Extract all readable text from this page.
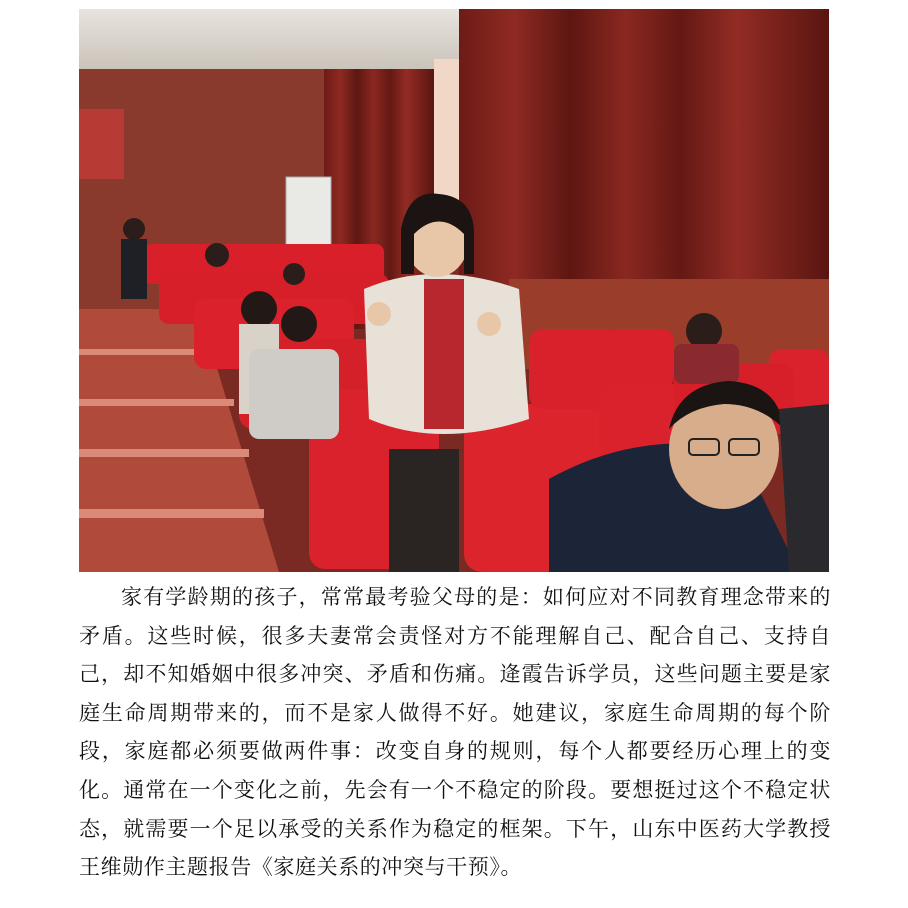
家有学龄期的孩子，常常最考验父母的是：如何应对不同教育理念带来的矛盾。这些时候，很多夫妻常会责怪对方不能理解自己、配合自己、支持自己，却不知婚姻中很多冲突、矛盾和伤痛。逄霞告诉学员，这些问题主要是家庭生命周期带来的，而不是家人做得不好。她建议，家庭生命周期的每个阶段，家庭都必须要做两件事：改变自身的规则，每个人都要经历心理上的变化。通常在一个变化之前，先会有一个不稳定的阶段。要想挺过这个不稳定状态，就需要一个足以承受的关系作为稳定的框架。下午，山东中医药大学教授王维勋作主题报告《家庭关系的冲突与干预》。
